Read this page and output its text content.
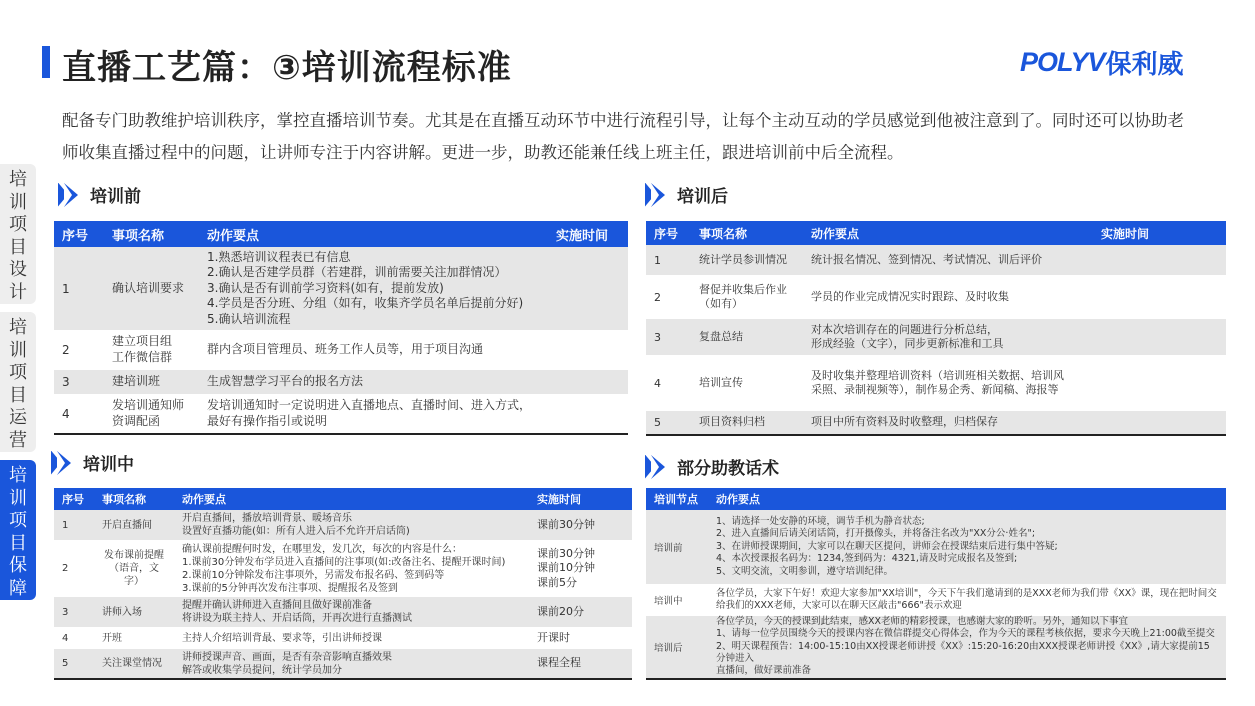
直播工艺篇：③培训流程标准	POLYV 保利威
配备专门助教维护培训秩序，掌控直播培训节奏。尤其是在直播互动环节中进行流程引导，让每个主动互动的学员感觉到他被注意到了。同时还可以协助老师收集直播过程中的问题，让讲师专注于内容讲解。更进一步，助教还能兼任线上班主任，跟进培训前中后全流程。
培
训
项
目
设
计
培
训
项
目
运
营
培
训
项
目
保
障
培训前	培训后
培训中	部分助教话术
序号	事项名称	动作要点	实施时间
1	确认培训要求	1.熟悉培训议程表已有信息
2.确认是否建学员群（若建群，训前需要关注加群情况）
3.确认是否有训前学习资料(如有，提前发放)
4.学员是否分班、分组（如有，收集齐学员名单后提前分好)
5.确认培训流程	
2	建立项目组
工作微信群	群内含项目管理员、班务工作人员等，用于项目沟通	
3	建培训班	生成智慧学习平台的报名方法	
4	发培训通知师
资调配函	发培训通知时一定说明进入直播地点、直播时间、进入方式，
最好有操作指引或说明	
序号	事项名称	动作要点	实施时间
1	统计学员参训情况	统计报名情况、签到情况、考试情况、训后评价	
2	督促并收集后作业
（如有）	学员的作业完成情况实时跟踪、及时收集	
3	复盘总结	对本次培训存在的问题进行分析总结，
形成经验（文字），同步更新标准和工具	
4	培训宣传	及时收集并整理培训资料（培训班相关数据、培训风
采照、录制视频等），制作易企秀、新闻稿、海报等	
5	项目资料归档	项目中所有资料及时收整理，归档保存	
序号	事项名称	动作要点	实施时间
1	开启直播间	开启直播间，播放培训背景、暖场音乐
设置好直播功能(如：所有人进入后不允许开启话筒)	课前30分钟
2	发布课前提醒
（语音，文字）	确认课前提醒何时发，在哪里发，发几次，每次的内容是什么：
1.课前30分钟发布学员进入直播间的注事项(如:改备注名、提醒开课时间)
2.课前10分钟除发布注事项外，另需发布报名码、签到码等
3.课前的5分钟再次发布注事项、提醒报名及签到	课前30分钟
课前10分钟
课前5分
3	讲师入场	提醒并确认讲师进入直播间且做好课前准备
将讲设为联主持人、开启话筒，开再次进行直播测试	课前20分
4	开班	主持人介绍培训背最、要求等，引出讲师授课	开课时
5	关注课堂情况	讲师授课声音、画面，是否有杂音影响直播效果
解答或收集学员提问，统计学员加分	课程全程
培训节点	动作要点
培训前	1、请选择一处安静的环境，调节手机为静音状态;
2、进入直播间后请关闭话筒，打开摄像头，并将备注名改为"XX分公·姓名";
3、在讲师授课期间，大家可以在聊天区提问，讲师会在授课结束后进行集中答疑;
4、本次授课报名码为：1234,签到码为：4321,请及时完成报名及签到;
5、文明交流，文明参训，遵守培训纪律。
培训中	各位学员，大家下午好！欢迎大家参加"XX培训"，今天下午我们邀请到的是XXX老师为我们带《XX》课，现在把时间交
给我们的XXX老师，大家可以在聊天区敲击"666"表示欢迎
培训后	各位学员，今天的授课到此结束，感XX老师的精彩授课，也感谢大家的聆听。另外，通知以下事宜
1、请每一位学员围绕今天的授课内容在微信群提交心得体会，作为今天的课程考核依据，要求今天晚上21:00截至提交
2、明天课程预告：14:00-15:10由XX授课老师讲授《XX》:15:20-16:20由XXX授课老师讲授《XX》,请大家提前15分钟进入
直播间，做好课前准备
